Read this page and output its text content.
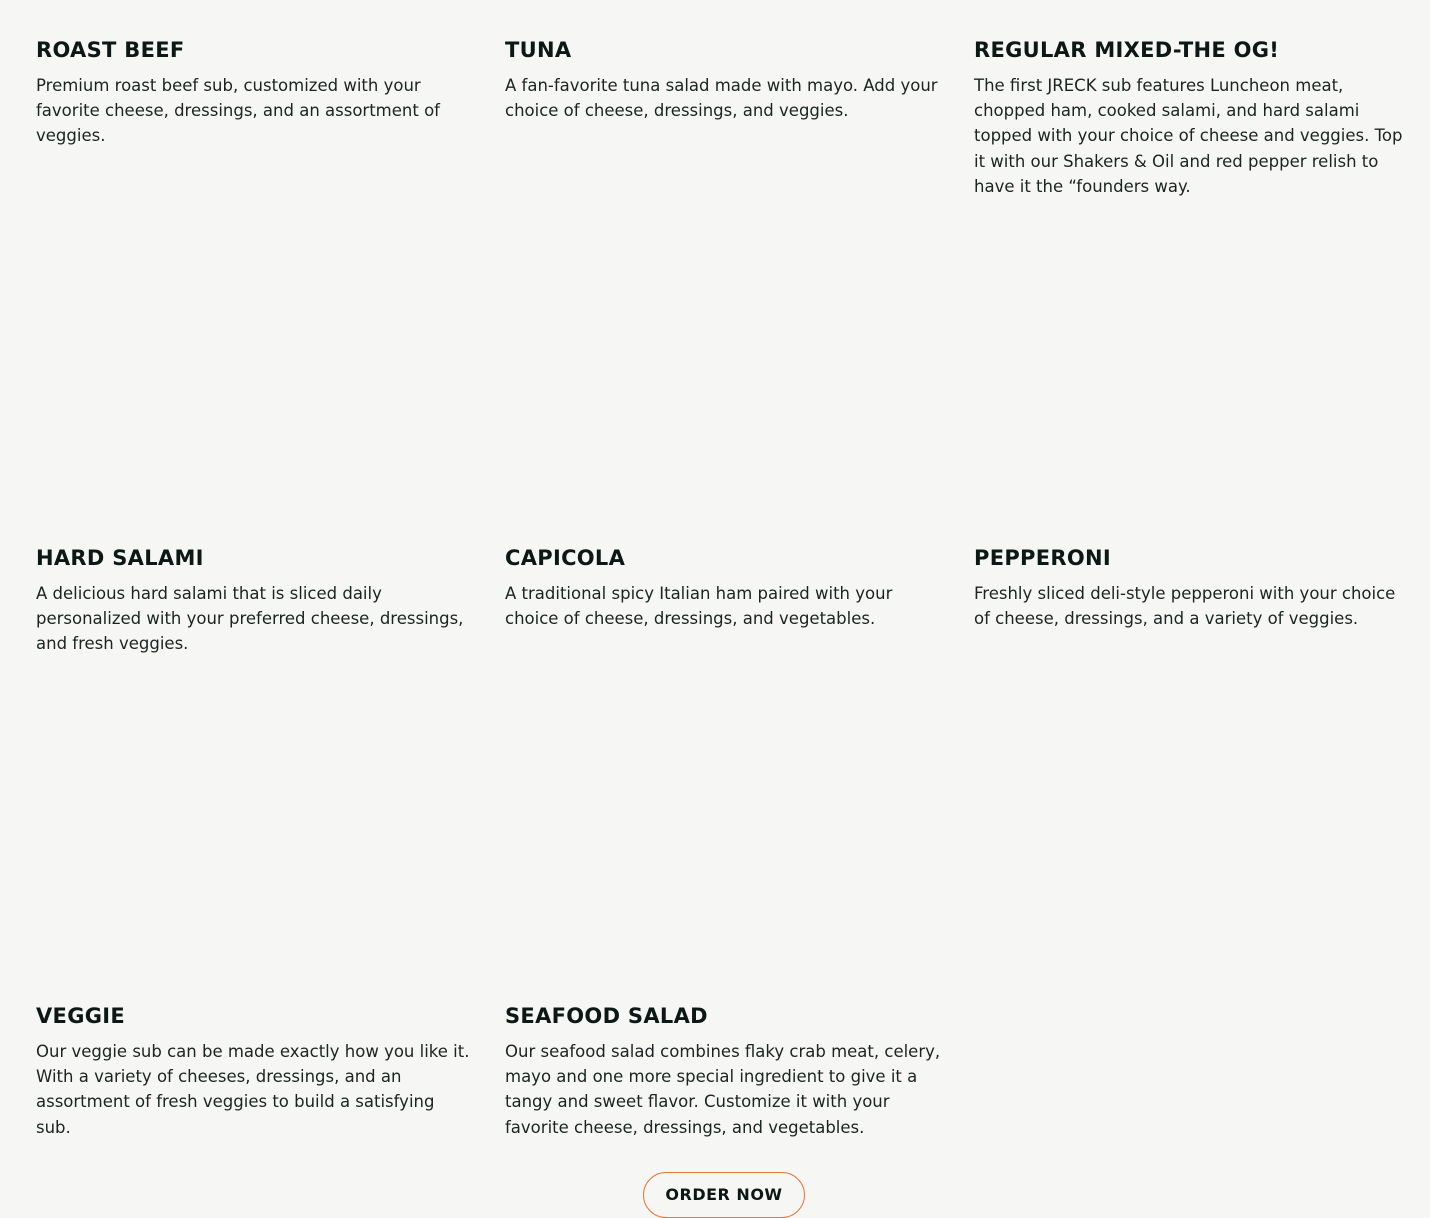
ROAST BEEF

Premium roast beef sub, customized with your favorite cheese, dressings, and an assortment of veggies.

TUNA

A fan-favorite tuna salad made with mayo. Add your choice of cheese, dressings, and veggies.

REGULAR MIXED-THE OG!

The first JRECK sub features Luncheon meat, chopped ham, cooked salami, and hard salami topped with your choice of cheese and veggies. Top it with our Shakers & Oil and red pepper relish to have it the “founders way.

HARD SALAMI

A delicious hard salami that is sliced daily personalized with your preferred cheese, dressings, and fresh veggies.

CAPICOLA

A traditional spicy Italian ham paired with your choice of cheese, dressings, and vegetables.

PEPPERONI

Freshly sliced deli-style pepperoni with your choice of cheese, dressings, and a variety of veggies.

VEGGIE

Our veggie sub can be made exactly how you like it. With a variety of cheeses, dressings, and an assortment of fresh veggies to build a satisfying sub.

SEAFOOD SALAD

Our seafood salad combines flaky crab meat, celery, mayo and one more special ingredient to give it a tangy and sweet flavor. Customize it with your favorite cheese, dressings, and vegetables.

ORDER NOW
